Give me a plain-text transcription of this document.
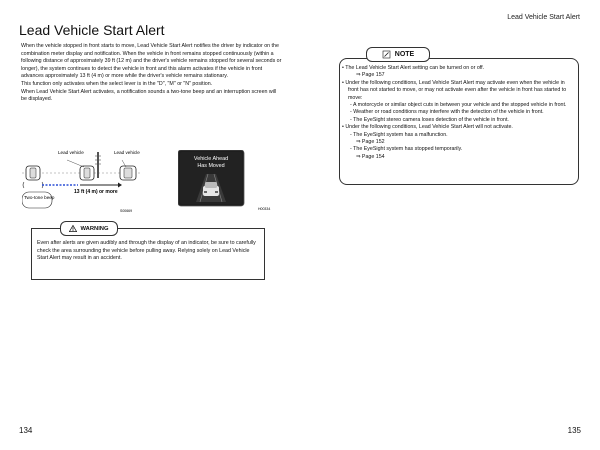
Lead Vehicle Start Alert
Lead Vehicle Start Alert

When the vehicle stopped in front starts to move, Lead Vehicle Start Alert notifies the driver by indicator on the combination meter display and notification. When the vehicle in front remains stopped continuously (within a following distance of approximately 39 ft (12 m) and the driver's vehicle remains stopped for several seconds or longer), the system continues to detect the vehicle in front and this alarm activates if the vehicle in front advances approximately 13 ft (4 m) or more while the driver's vehicle remains stationary.

This function only activates when the select lever is in the "D", "M" or "N" position.

When Lead Vehicle Start Alert activates, a notification sounds a two-tone beep and an interruption screen will be displayed.

Lead vehicle	Lead vehicle
Two-tone beep
13 ft (4 m) or more
S00669
Vehicle Ahead
Has Moved
H00334
WARNING
Even after alerts are given audibly and through the display of an indicator, be sure to carefully check the area surrounding the vehicle before pulling away. Relying solely on Lead Vehicle Start Alert may result in an accident.
NOTE
• The Lead Vehicle Start Alert setting can be turned on or off.
⇒ Page 157
• Under the following conditions, Lead Vehicle Start Alert may activate even when the vehicle in front has not started to move, or may not activate even after the vehicle in front has started to move:
- A motorcycle or similar object cuts in between your vehicle and the stopped vehicle in front.
- Weather or road conditions may interfere with the detection of the vehicle in front.
- The EyeSight stereo camera loses detection of the vehicle in front.
• Under the following conditions, Lead Vehicle Start Alert will not activate.
- The EyeSight system has a malfunction.
⇒ Page 152
- The EyeSight system has stopped temporarily.
⇒ Page 154
134	135
